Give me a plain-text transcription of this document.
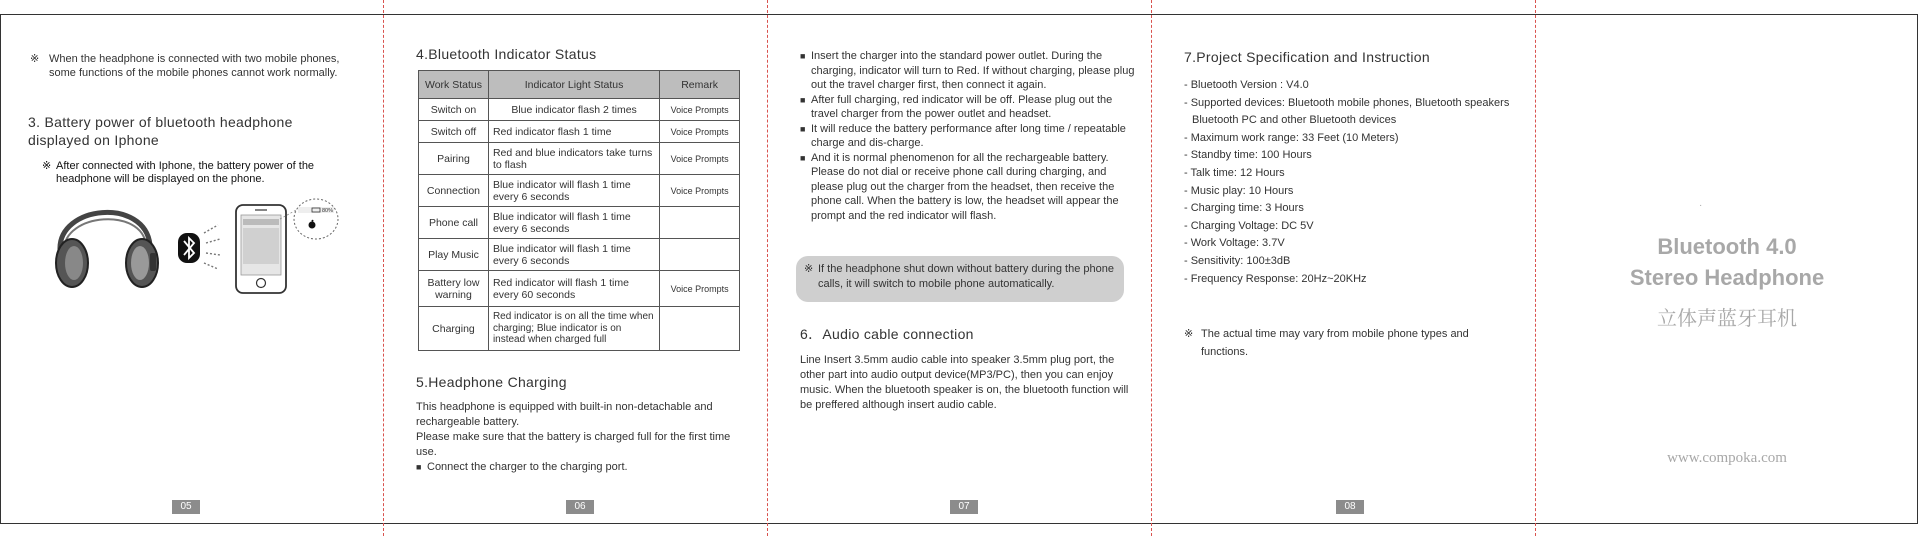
※ When the headphone is connected with two mobile phones, some functions of the mobile phones cannot work normally.
3. Battery power of bluetooth headphone displayed on Iphone
※ After connected with Iphone, the battery power of the headphone will be displayed on the phone.
80%
05
4.Bluetooth Indicator Status
Work Status	Indicator Light Status	Remark
Switch on	Blue indicator flash 2 times	Voice Prompts
Switch off	Red indicator flash 1 time	Voice Prompts
Pairing	Red and blue indicators take turns to flash	Voice Prompts
Connection	Blue indicator will flash 1 time every 6 seconds	Voice Prompts
Phone call	Blue indicator will flash 1 time every 6 seconds	
Play Music	Blue indicator will flash 1 time every 6 seconds	
Battery low warning	Red indicator will flash 1 time every 60 seconds	Voice Prompts
Charging	Red indicator is on all the time when charging; Blue indicator is on instead when charged full	
5.Headphone Charging

This headphone is equipped with built-in non-detachable and rechargeable battery.

Please make sure that the battery is charged full for the first time use.

■ Connect the charger to the charging port.
06
■ Insert the charger into the standard power outlet. During the charging, indicator will turn to Red. If without charging, please plug out the travel charger first, then connect it again.
■ After full charging, red indicator will be off. Please plug out the travel charger from the power outlet and headset.
■ It will reduce the battery performance after long time / repeatable charge and dis-charge.
■ And it is normal phenomenon for all the rechargeable battery. Please do not dial or receive phone call during charging, and please plug out the charger from the headset, then receive the phone call. When the battery is low, the headset will appear the prompt and the red indicator will flash.
※ If the headphone shut down without battery during the phone calls, it will switch to mobile phone automatically.
6．Audio cable connection

Line Insert 3.5mm audio cable into speaker 3.5mm plug port, the other part into audio output device(MP3/PC), then you can enjoy music. When the bluetooth speaker is on, the bluetooth function will be preffered although insert audio cable.

07
7.Project Specification and Instruction
- Bluetooth Version : V4.0
- Supported devices: Bluetooth mobile phones, Bluetooth speakers Bluetooth PC and other Bluetooth devices
- Maximum work range: 33 Feet (10 Meters)
- Standby time: 100 Hours
- Talk time: 12 Hours
- Music play: 10 Hours
- Charging time: 3 Hours
- Charging Voltage: DC 5V
- Work Voltage: 3.7V
- Sensitivity: 100±3dB
- Frequency Response: 20Hz~20KHz
※ The actual time may vary from mobile phone types and functions.
08
·
Bluetooth 4.0
Stereo Headphone
立体声蓝牙耳机
www.compoka.com
